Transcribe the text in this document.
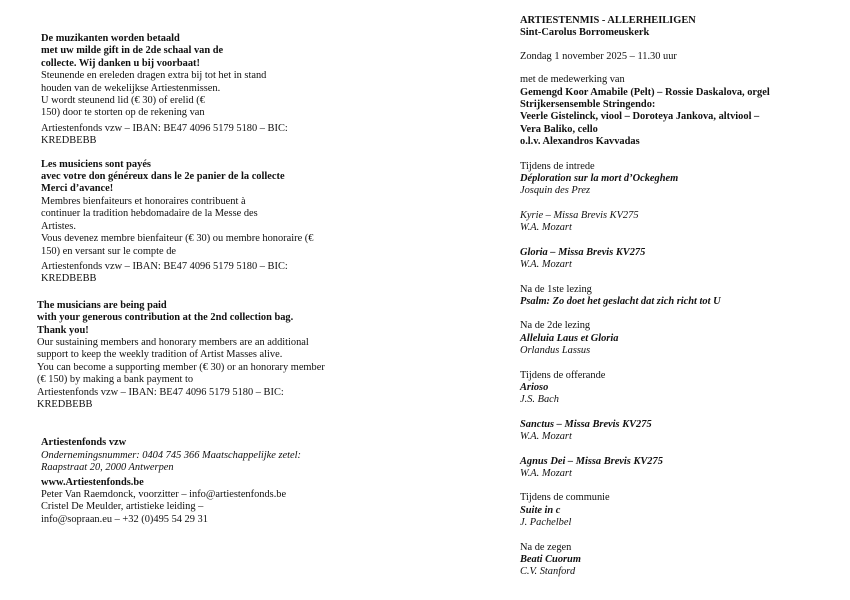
De muzikanten worden betaald
met uw milde gift in de 2de schaal van de
collecte. Wij danken u bij voorbaat!
Steunende en ereleden dragen extra bij tot het in stand
houden van de wekelijkse Artiestenmissen.
U wordt steunend lid (€ 30) of erelid (€
150) door te storten op de rekening van
Artiestenfonds vzw – IBAN: BE47 4096 5179 5180 – BIC:
KREDBEBB
Les musiciens sont payés
avec votre don généreux dans le 2e panier de la collecte
Merci d’avance!
Membres bienfaiteurs et honoraires contribuent à
continuer la tradition hebdomadaire de la Messe des
Artistes.
Vous devenez membre bienfaiteur (€ 30) ou membre honoraire (€
150) en versant sur le compte de
Artiestenfonds vzw – IBAN: BE47 4096 5179 5180 – BIC:
KREDBEBB
The musicians are being paid
with your generous contribution at the 2nd collection bag.
Thank you!
Our sustaining members and honorary members are an additional
support to keep the weekly tradition of Artist Masses alive.
You can become a supporting member (€ 30) or an honorary member
(€ 150) by making a bank payment to
Artiestenfonds vzw – IBAN: BE47 4096 5179 5180 – BIC:
KREDBEBB
Artiestenfonds vzw
Ondernemingsnummer: 0404 745 366 Maatschappelijke zetel:
Raapstraat 20, 2000 Antwerpen
www.Artiestenfonds.be
Peter Van Raemdonck, voorzitter – info@artiestenfonds.be
Cristel De Meulder, artistieke leiding –
info@sopraan.eu – +32 (0)495 54 29 31
ARTIESTENMIS - ALLERHEILIGEN
Sint-Carolus Borromeuskerk
Zondag 1 november 2025 – 11.30 uur
met de medewerking van
Gemengd Koor Amabile (Pelt) – Rossie Daskalova, orgel
Strijkersensemble Stringendo:
Veerle Gistelinck, viool – Doroteya Jankova, altviool –
Vera Baliko, cello
o.l.v. Alexandros Kavvadas
Tijdens de intrede
Déploration sur la mort d’Ockeghem
Josquin des Prez
Kyrie – Missa Brevis KV275
W.A. Mozart
Gloria – Missa Brevis KV275
W.A. Mozart
Na de 1ste lezing
Psalm: Zo doet het geslacht dat zich richt tot U
Na de 2de lezing
Alleluia Laus et Gloria
Orlandus Lassus
Tijdens de offerande
Arioso
J.S. Bach
Sanctus – Missa Brevis KV275
W.A. Mozart
Agnus Dei – Missa Brevis KV275
W.A. Mozart
Tijdens de communie
Suite in c
J. Pachelbel
Na de zegen
Beati Cuorum
C.V. Stanford
